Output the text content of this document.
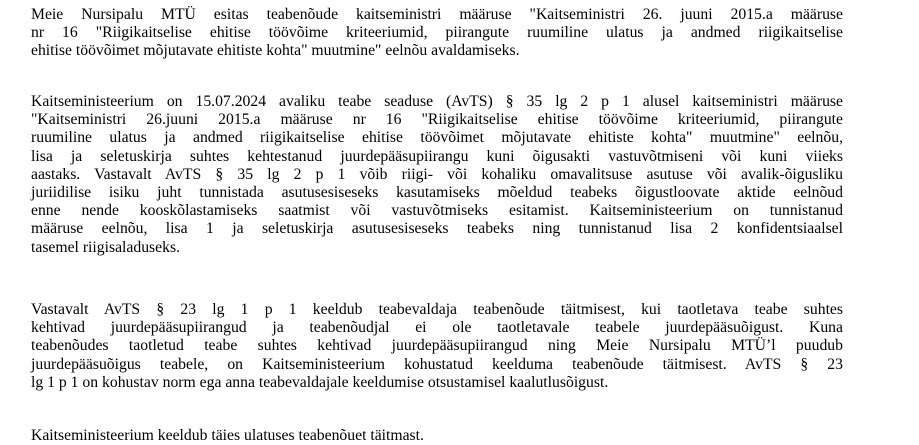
Meie Nursipalu MTÜ esitas teabenõude kaitseministri määruse "Kaitseministri 26. juuni 2015.a määruse
nr 16 "Riigikaitselise ehitise töövõime kriteeriumid, piirangute ruumiline ulatus ja andmed riigikaitselise
ehitise töövõimet mõjutavate ehitiste kohta" muutmine" eelnõu avaldamiseks.
Kaitseministeerium on 15.07.2024 avaliku teabe seaduse (AvTS) § 35 lg 2 p 1 alusel kaitseministri määruse
"Kaitseministri 26.juuni 2015.a määruse nr 16 "Riigikaitselise ehitise töövõime kriteeriumid, piirangute
ruumiline ulatus ja andmed riigikaitselise ehitise töövõimet mõjutavate ehitiste kohta" muutmine" eelnõu,
lisa ja seletuskirja suhtes kehtestanud juurdepääsupiirangu kuni õigusakti vastuvõtmiseni või kuni viieks
aastaks. Vastavalt AvTS § 35 lg 2 p 1 võib riigi- või kohaliku omavalitsuse asutuse või avalik-õigusliku
juriidilise isiku juht tunnistada asutusesiseseks kasutamiseks mõeldud teabeks õigustloovate aktide eelnõud
enne nende kooskõlastamiseks saatmist või vastuvõtmiseks esitamist. Kaitseministeerium on tunnistanud
määruse eelnõu, lisa 1 ja seletuskirja asutusesiseseks teabeks ning tunnistanud lisa 2 konfidentsiaalsel
tasemel riigisaladuseks.
Vastavalt AvTS § 23 lg 1 p 1 keeldub teabevaldaja teabenõude täitmisest, kui taotletava teabe suhtes
kehtivad juurdepääsupiirangud ja teabenõudjal ei ole taotletavale teabele juurdepääsuõigust. Kuna
teabenõudes taotletud teabe suhtes kehtivad juurdepääsupiirangud ning Meie Nursipalu MTÜ’l puudub
juurdepääsuõigus teabele, on Kaitseministeerium kohustatud keelduma teabenõude täitmisest. AvTS § 23
lg 1 p 1 on kohustav norm ega anna teabevaldajale keeldumise otsustamisel kaalutlusõigust.
Kaitseministeerium keeldub täies ulatuses teabenõuet täitmast.
